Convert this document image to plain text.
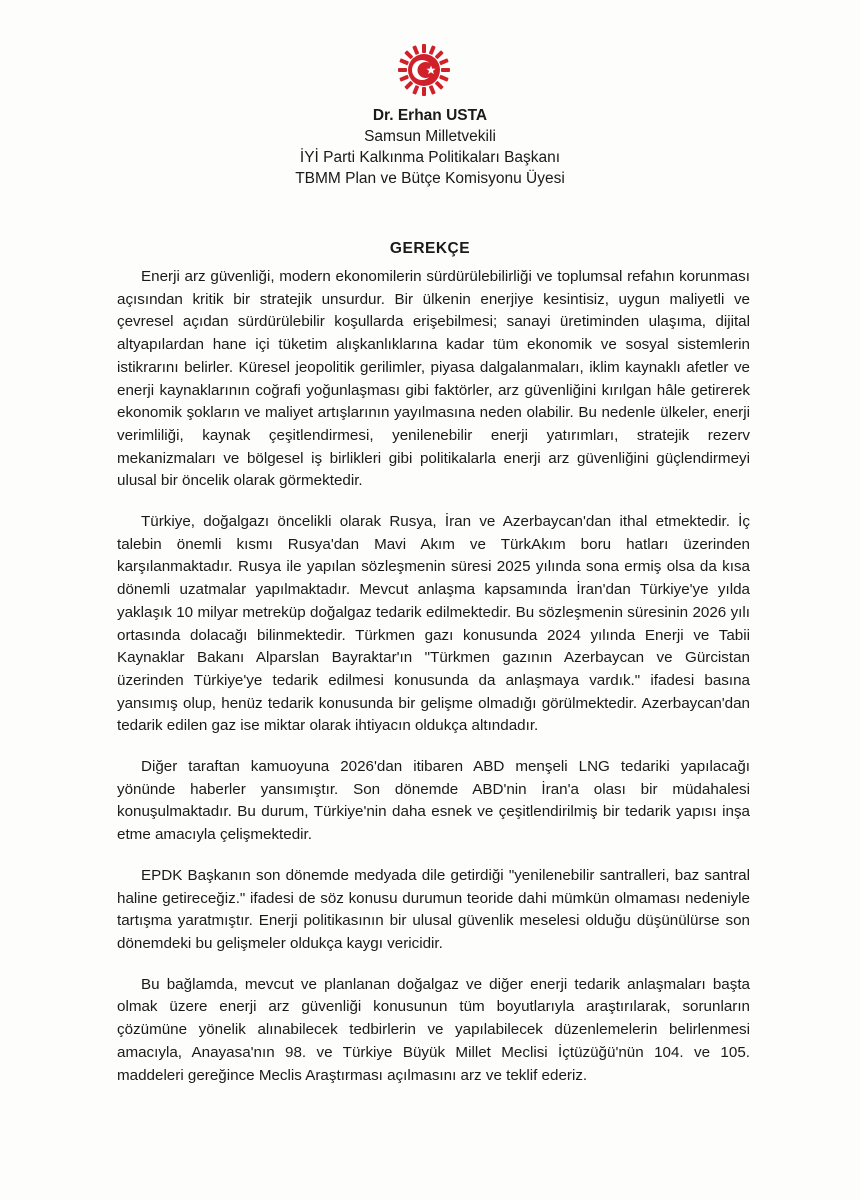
Dr. Erhan USTA
Samsun Milletvekili
İYİ Parti Kalkınma Politikaları Başkanı
TBMM Plan ve Bütçe Komisyonu Üyesi
GEREKÇE

Enerji arz güvenliği, modern ekonomilerin sürdürülebilirliği ve toplumsal refahın korunması açısından kritik bir stratejik unsurdur. Bir ülkenin enerjiye kesintisiz, uygun maliyetli ve çevresel açıdan sürdürülebilir koşullarda erişebilmesi; sanayi üretiminden ulaşıma, dijital altyapılardan hane içi tüketim alışkanlıklarına kadar tüm ekonomik ve sosyal sistemlerin istikrarını belirler. Küresel jeopolitik gerilimler, piyasa dalgalanmaları, iklim kaynaklı afetler ve enerji kaynaklarının coğrafi yoğunlaşması gibi faktörler, arz güvenliğini kırılgan hâle getirerek ekonomik şokların ve maliyet artışlarının yayılmasına neden olabilir. Bu nedenle ülkeler, enerji verimliliği, kaynak çeşitlendirmesi, yenilenebilir enerji yatırımları, stratejik rezerv mekanizmaları ve bölgesel iş birlikleri gibi politikalarla enerji arz güvenliğini güçlendirmeyi ulusal bir öncelik olarak görmektedir.

Türkiye, doğalgazı öncelikli olarak Rusya, İran ve Azerbaycan'dan ithal etmektedir. İç talebin önemli kısmı Rusya'dan Mavi Akım ve TürkAkım boru hatları üzerinden karşılanmaktadır. Rusya ile yapılan sözleşmenin süresi 2025 yılında sona ermiş olsa da kısa dönemli uzatmalar yapılmaktadır. Mevcut anlaşma kapsamında İran'dan Türkiye'ye yılda yaklaşık 10 milyar metreküp doğalgaz tedarik edilmektedir. Bu sözleşmenin süresinin 2026 yılı ortasında dolacağı bilinmektedir. Türkmen gazı konusunda 2024 yılında Enerji ve Tabii Kaynaklar Bakanı Alparslan Bayraktar'ın "Türkmen gazının Azerbaycan ve Gürcistan üzerinden Türkiye'ye tedarik edilmesi konusunda da anlaşmaya vardık." ifadesi basına yansımış olup, henüz tedarik konusunda bir gelişme olmadığı görülmektedir. Azerbaycan'dan tedarik edilen gaz ise miktar olarak ihtiyacın oldukça altındadır.

Diğer taraftan kamuoyuna 2026'dan itibaren ABD menşeli LNG tedariki yapılacağı yönünde haberler yansımıştır. Son dönemde ABD'nin İran'a olası bir müdahalesi konuşulmaktadır. Bu durum, Türkiye'nin daha esnek ve çeşitlendirilmiş bir tedarik yapısı inşa etme amacıyla çelişmektedir.

EPDK Başkanın son dönemde medyada dile getirdiği "yenilenebilir santralleri, baz santral haline getireceğiz." ifadesi de söz konusu durumun teoride dahi mümkün olmaması nedeniyle tartışma yaratmıştır. Enerji politikasının bir ulusal güvenlik meselesi olduğu düşünülürse son dönemdeki bu gelişmeler oldukça kaygı vericidir.

Bu bağlamda, mevcut ve planlanan doğalgaz ve diğer enerji tedarik anlaşmaları başta olmak üzere enerji arz güvenliği konusunun tüm boyutlarıyla araştırılarak, sorunların çözümüne yönelik alınabilecek tedbirlerin ve yapılabilecek düzenlemelerin belirlenmesi amacıyla, Anayasa'nın 98. ve Türkiye Büyük Millet Meclisi İçtüzüğü'nün 104. ve 105. maddeleri gereğince Meclis Araştırması açılmasını arz ve teklif ederiz.
